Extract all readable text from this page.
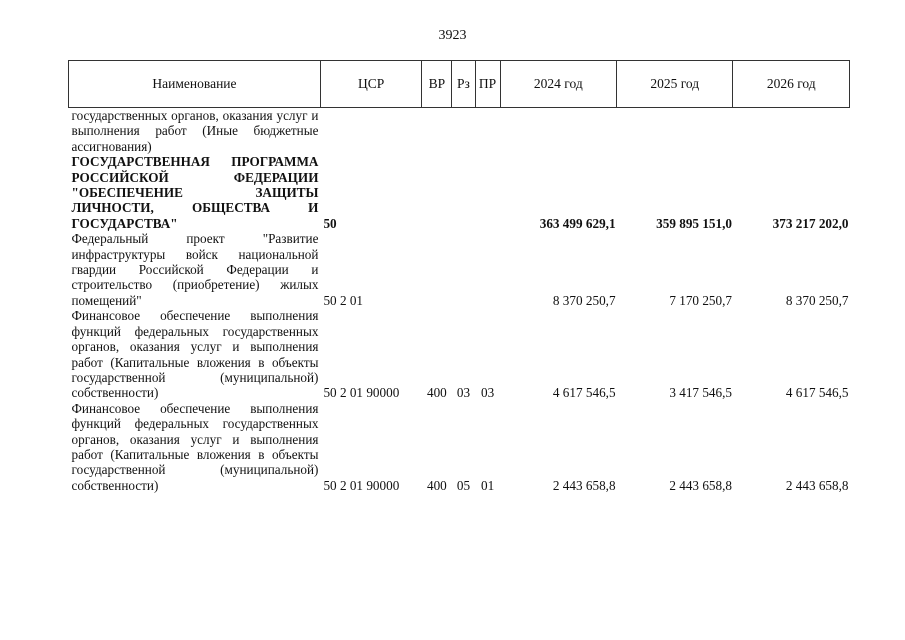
3923
Наименование	ЦСР	ВР	Рз	ПР	2024 год	2025 год	2026 год
государственных органов, оказания услуг и выполнения работ (Иные бюджетные ассигнования)							
ГОСУДАРСТВЕННАЯ ПРОГРАММА РОССИЙСКОЙ ФЕДЕРАЦИИ "ОБЕСПЕЧЕНИЕ ЗАЩИТЫ ЛИЧНОСТИ, ОБЩЕСТВА И ГОСУДАРСТВА"	50				363 499 629,1	359 895 151,0	373 217 202,0
Федеральный проект "Развитие инфраструктуры войск национальной гвардии Российской Федерации и строительство (приобретение) жилых помещений"	50 2 01				8 370 250,7	7 170 250,7	8 370 250,7
Финансовое обеспечение выполнения функций федеральных государственных органов, оказания услуг и выполнения работ (Капитальные вложения в объекты государственной (муниципальной) собственности)	50 2 01 90000	400	03	03	4 617 546,5	3 417 546,5	4 617 546,5
Финансовое обеспечение выполнения функций федеральных государственных органов, оказания услуг и выполнения работ (Капитальные вложения в объекты государственной (муниципальной) собственности)	50 2 01 90000	400	05	01	2 443 658,8	2 443 658,8	2 443 658,8
